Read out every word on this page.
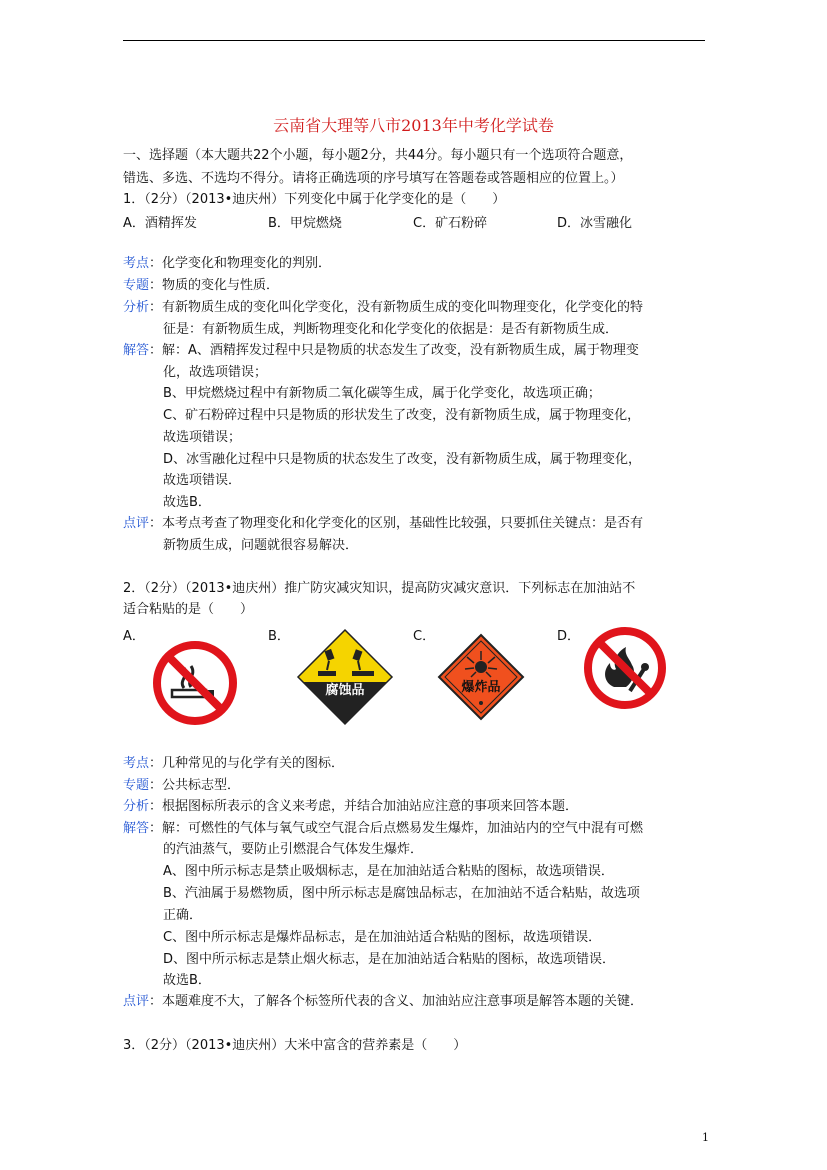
云南省大理等八市2013年中考化学试卷
一、选择题（本大题共22个小题，每小题2分，共44分。每小题只有一个选项符合题意，
错选、多选、不选均不得分。请将正确选项的序号填写在答题卷或答题相应的位置上。）
1．（2分）（2013•迪庆州）下列变化中属于化学变化的是（　　）
A．酒精挥发	B．甲烷燃烧	C．矿石粉碎	D．冰雪融化
考点：化学变化和物理变化的判别．
专题：物质的变化与性质．
分析：有新物质生成的变化叫化学变化，没有新物质生成的变化叫物理变化，化学变化的特
征是：有新物质生成，判断物理变化和化学变化的依据是：是否有新物质生成．
解答：解：A、酒精挥发过程中只是物质的状态发生了改变，没有新物质生成，属于物理变
化，故选项错误；
B、甲烷燃烧过程中有新物质二氧化碳等生成，属于化学变化，故选项正确；
C、矿石粉碎过程中只是物质的形状发生了改变，没有新物质生成，属于物理变化，
故选项错误；
D、冰雪融化过程中只是物质的状态发生了改变，没有新物质生成，属于物理变化，
故选项错误．
故选B．
点评：本考点考查了物理变化和化学变化的区别，基础性比较强，只要抓住关键点：是否有
新物质生成，问题就很容易解决．
2．（2分）（2013•迪庆州）推广防灾减灾知识，提高防灾减灾意识．下列标志在加油站不
适合粘贴的是（　　）
A．	B．	C．	D．
腐蚀品	爆炸品
考点：几种常见的与化学有关的图标．
专题：公共标志型．
分析：根据图标所表示的含义来考虑，并结合加油站应注意的事项来回答本题．
解答：解：可燃性的气体与氧气或空气混合后点燃易发生爆炸，加油站内的空气中混有可燃
的汽油蒸气，要防止引燃混合气体发生爆炸．
A、图中所示标志是禁止吸烟标志，是在加油站适合粘贴的图标，故选项错误．
B、汽油属于易燃物质，图中所示标志是腐蚀品标志，在加油站不适合粘贴，故选项
正确．
C、图中所示标志是爆炸品标志，是在加油站适合粘贴的图标，故选项错误．
D、图中所示标志是禁止烟火标志，是在加油站适合粘贴的图标，故选项错误．
故选B．
点评：本题难度不大，了解各个标签所代表的含义、加油站应注意事项是解答本题的关键．
3．（2分）（2013•迪庆州）大米中富含的营养素是（　　）
1
